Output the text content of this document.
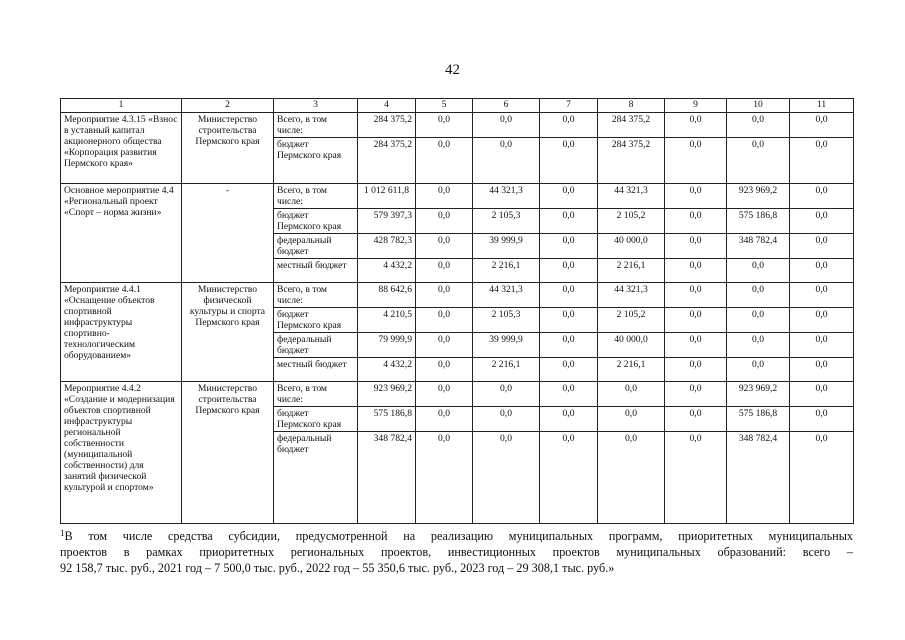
42
1	2	3	4	5	6	7	8	9	10	11
Мероприятие 4.3.15 «Взнос в уставный капитал акционерного общества «Корпорация развития Пермского края»	Министерство строительства Пермского края	Всего, в том числе:	284 375,2	0,0	0,0	0,0	284 375,2	0,0	0,0	0,0
		бюджет Пермского края	284 375,2	0,0	0,0	0,0	284 375,2	0,0	0,0	0,0
Основное мероприятие 4.4 «Региональный проект «Спорт – норма жизни»	-	Всего, в том числе:	1 012 611,8	0,0	44 321,3	0,0	44 321,3	0,0	923 969,2	0,0
		бюджет Пермского края	579 397,3	0,0	2 105,3	0,0	2 105,2	0,0	575 186,8	0,0
		федеральный бюджет	428 782,3	0,0	39 999,9	0,0	40 000,0	0,0	348 782,4	0,0
		местный бюджет	4 432,2	0,0	2 216,1	0,0	2 216,1	0,0	0,0	0,0
Мероприятие 4.4.1 «Оснащение объектов спортивной инфраструктуры спортивно-технологическим оборудованием»	Министерство физической культуры и спорта Пермского края	Всего, в том числе:	88 642,6	0,0	44 321,3	0,0	44 321,3	0,0	0,0	0,0
		бюджет Пермского края	4 210,5	0,0	2 105,3	0,0	2 105,2	0,0	0,0	0,0
		федеральный бюджет	79 999,9	0,0	39 999,9	0,0	40 000,0	0,0	0,0	0,0
		местный бюджет	4 432,2	0,0	2 216,1	0,0	2 216,1	0,0	0,0	0,0
Мероприятие 4.4.2 «Создание и модернизация объектов спортивной инфраструктуры региональной собственности (муниципальной собственности) для занятий физической культурой и спортом»	Министерство строительства Пермского края	Всего, в том числе:	923 969,2	0,0	0,0	0,0	0,0	0,0	923 969,2	0,0
		бюджет Пермского края	575 186,8	0,0	0,0	0,0	0,0	0,0	575 186,8	0,0
		федеральный бюджет	348 782,4	0,0	0,0	0,0	0,0	0,0	348 782,4	0,0
$^1$В том числе средства субсидии, предусмотренной на реализацию муниципальных программ, приоритетных муниципальных
проектов в рамках приоритетных региональных проектов, инвестиционных проектов муниципальных образований: всего –
92 158,7 тыс. руб., 2021 год – 7 500,0 тыс. руб., 2022 год – 55 350,6 тыс. руб., 2023 год – 29 308,1 тыс. руб.»
